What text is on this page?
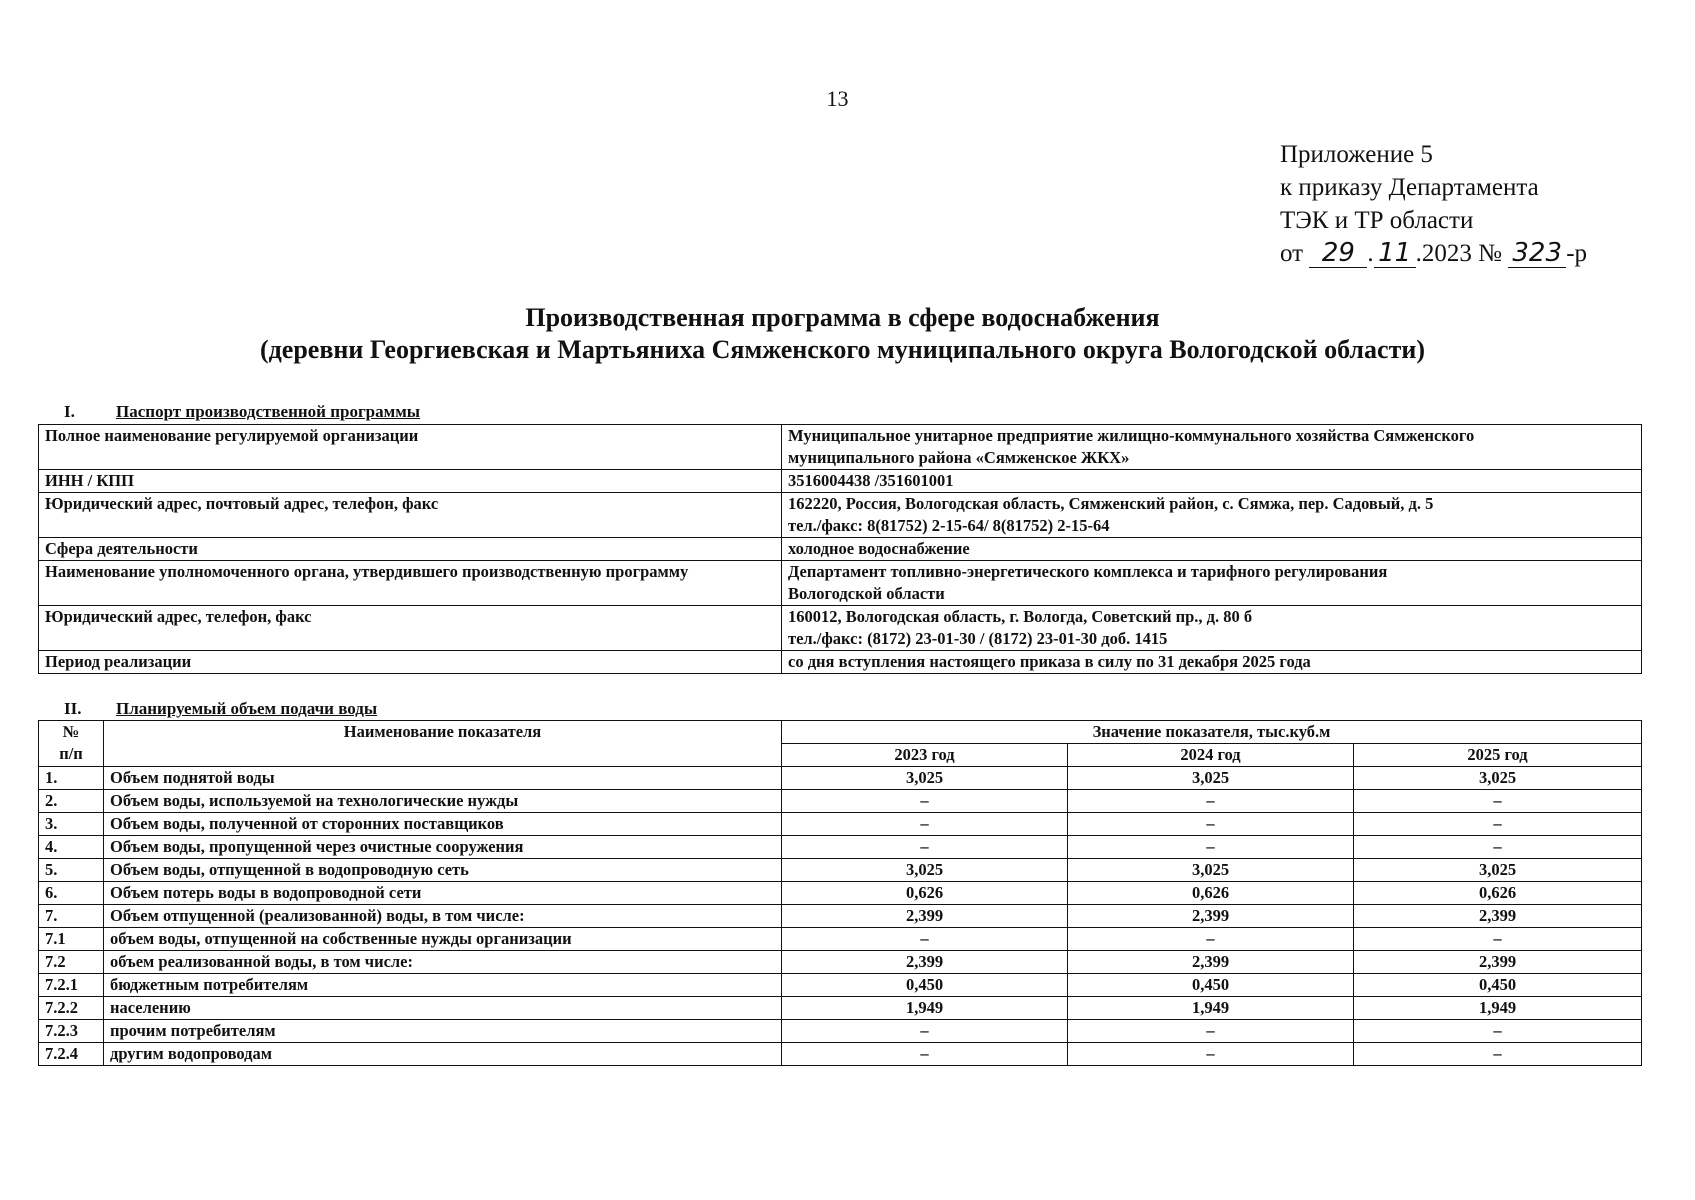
13
Приложение 5
к приказу Департамента
ТЭК и ТР области
от 29 . 11 .2023 № 323 -р
Производственная программа в сфере водоснабжения
(деревни Георгиевская и Мартьяниха Сямженского муниципального округа Вологодской области)
I. Паспорт производственной программы
Полное наименование регулируемой организации	Муниципальное унитарное предприятие жилищно-коммунального хозяйства Сямженского
муниципального района «Сямженское ЖКХ»

ИНН / КПП	3516004438 /351601001

Юридический адрес, почтовый адрес, телефон, факс	162220, Россия, Вологодская область, Сямженский район, с. Сямжа, пер. Садовый, д. 5
тел./факс: 8(81752) 2-15-64/ 8(81752) 2-15-64

Сфера деятельности	холодное водоснабжение

Наименование уполномоченного органа, утвердившего производственную программу	Департамент топливно-энергетического комплекса и тарифного регулирования
Вологодской области

Юридический адрес, телефон, факс	160012, Вологодская область, г. Вологда, Советский пр., д. 80 б
тел./факс: (8172) 23-01-30 / (8172) 23-01-30 доб. 1415

Период реализации	со дня вступления настоящего приказа в силу по 31 декабря 2025 года
II. Планируемый объем подачи воды
№
п/п	Наименование показателя	Значение показателя, тыс.куб.м		
		2023 год	2024 год	2025 год
1.	Объем поднятой воды	3,025	3,025	3,025
2.	Объем воды, используемой на технологические нужды	–	–	–
3.	Объем воды, полученной от сторонних поставщиков	–	–	–
4.	Объем воды, пропущенной через очистные сооружения	–	–	–
5.	Объем воды, отпущенной в водопроводную сеть	3,025	3,025	3,025
6.	Объем потерь воды в водопроводной сети	0,626	0,626	0,626
7.	Объем отпущенной (реализованной) воды, в том числе:	2,399	2,399	2,399
7.1	объем воды, отпущенной на собственные нужды организации	–	–	–
7.2	объем реализованной воды, в том числе:	2,399	2,399	2,399
7.2.1	бюджетным потребителям	0,450	0,450	0,450
7.2.2	населению	1,949	1,949	1,949
7.2.3	прочим потребителям	–	–	–
7.2.4	другим водопроводам	–	–	–
